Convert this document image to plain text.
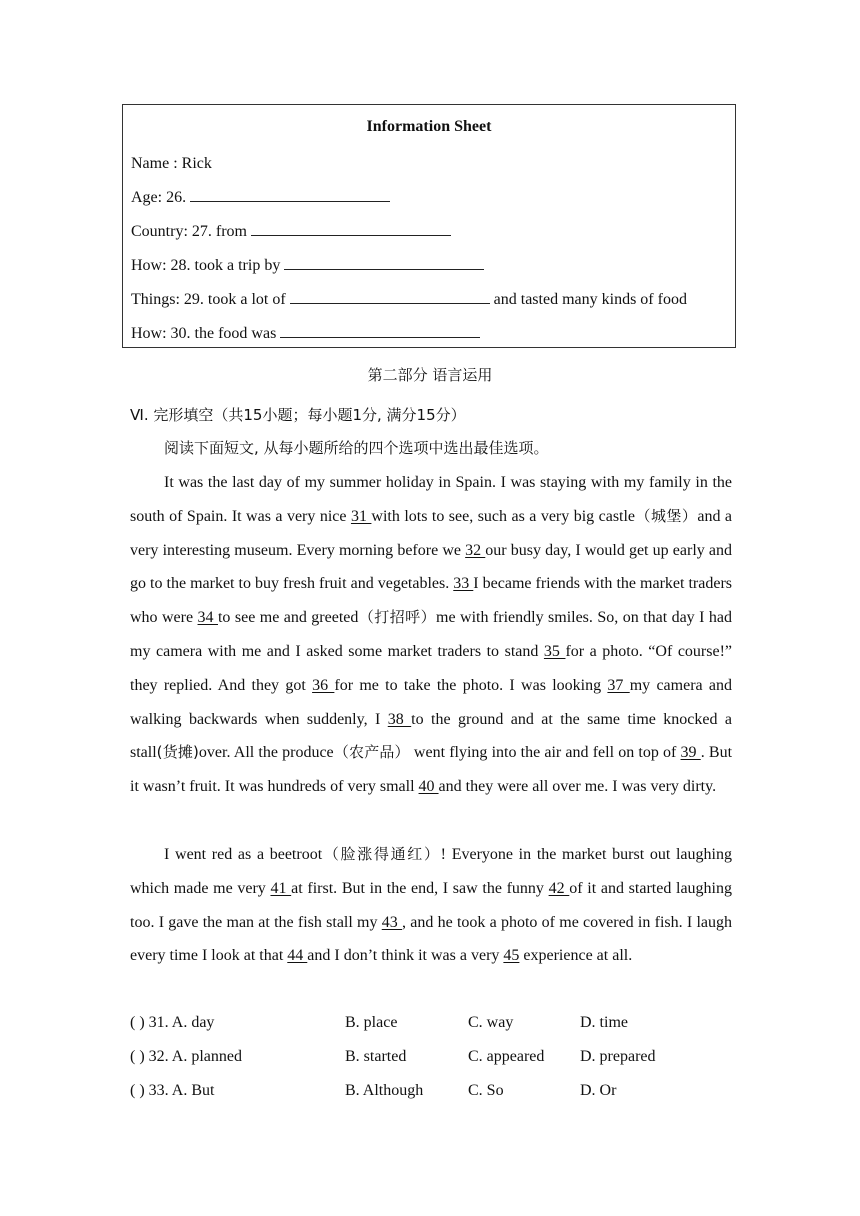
Information Sheet
Name : Rick
Age: 26.
Country: 27. from
How: 28. took a trip by
Things: 29. took a lot of	and tasted many kinds of food
How: 30. the food was
第二部分 语言运用
Ⅵ. 完形填空（共15小题；每小题1分, 满分15分）
阅读下面短文, 从每小题所给的四个选项中选出最佳选项。

It was the last day of my summer holiday in Spain. I was staying with my family in the south of Spain. It was a very nice 31 with lots to see, such as a very big castle（城堡）and a very interesting museum. Every morning before we 32 our busy day, I would get up early and go to the market to buy fresh fruit and vegetables. 33 I became friends with the market traders who were 34 to see me and greeted（打招呼）me with friendly smiles. So, on that day I had my camera with me and I asked some market traders to stand 35 for a photo. “Of course!” they replied. And they got 36 for me to take the photo. I was looking 37 my camera and walking backwards when suddenly, I 38 to the ground and at the same time knocked a stall(货摊)over. All the produce（农产品） went flying into the air and fell on top of 39 . But it wasn’t fruit. It was hundreds of very small 40 and they were all over me. I was very dirty.

I went red as a beetroot（脸涨得通红）! Everyone in the market burst out laughing which made me very 41 at first. But in the end, I saw the funny 42 of it and started laughing too. I gave the man at the fish stall my 43 , and he took a photo of me covered in fish. I laugh every time I look at that 44 and I don’t think it was a very 45 experience at all.

( ) 31. A. day	B. place	C. way	D. time
( ) 32. A. planned	B. started	C. appeared D. prepared
( ) 33. A. But	B. Although	C. So	D. Or
